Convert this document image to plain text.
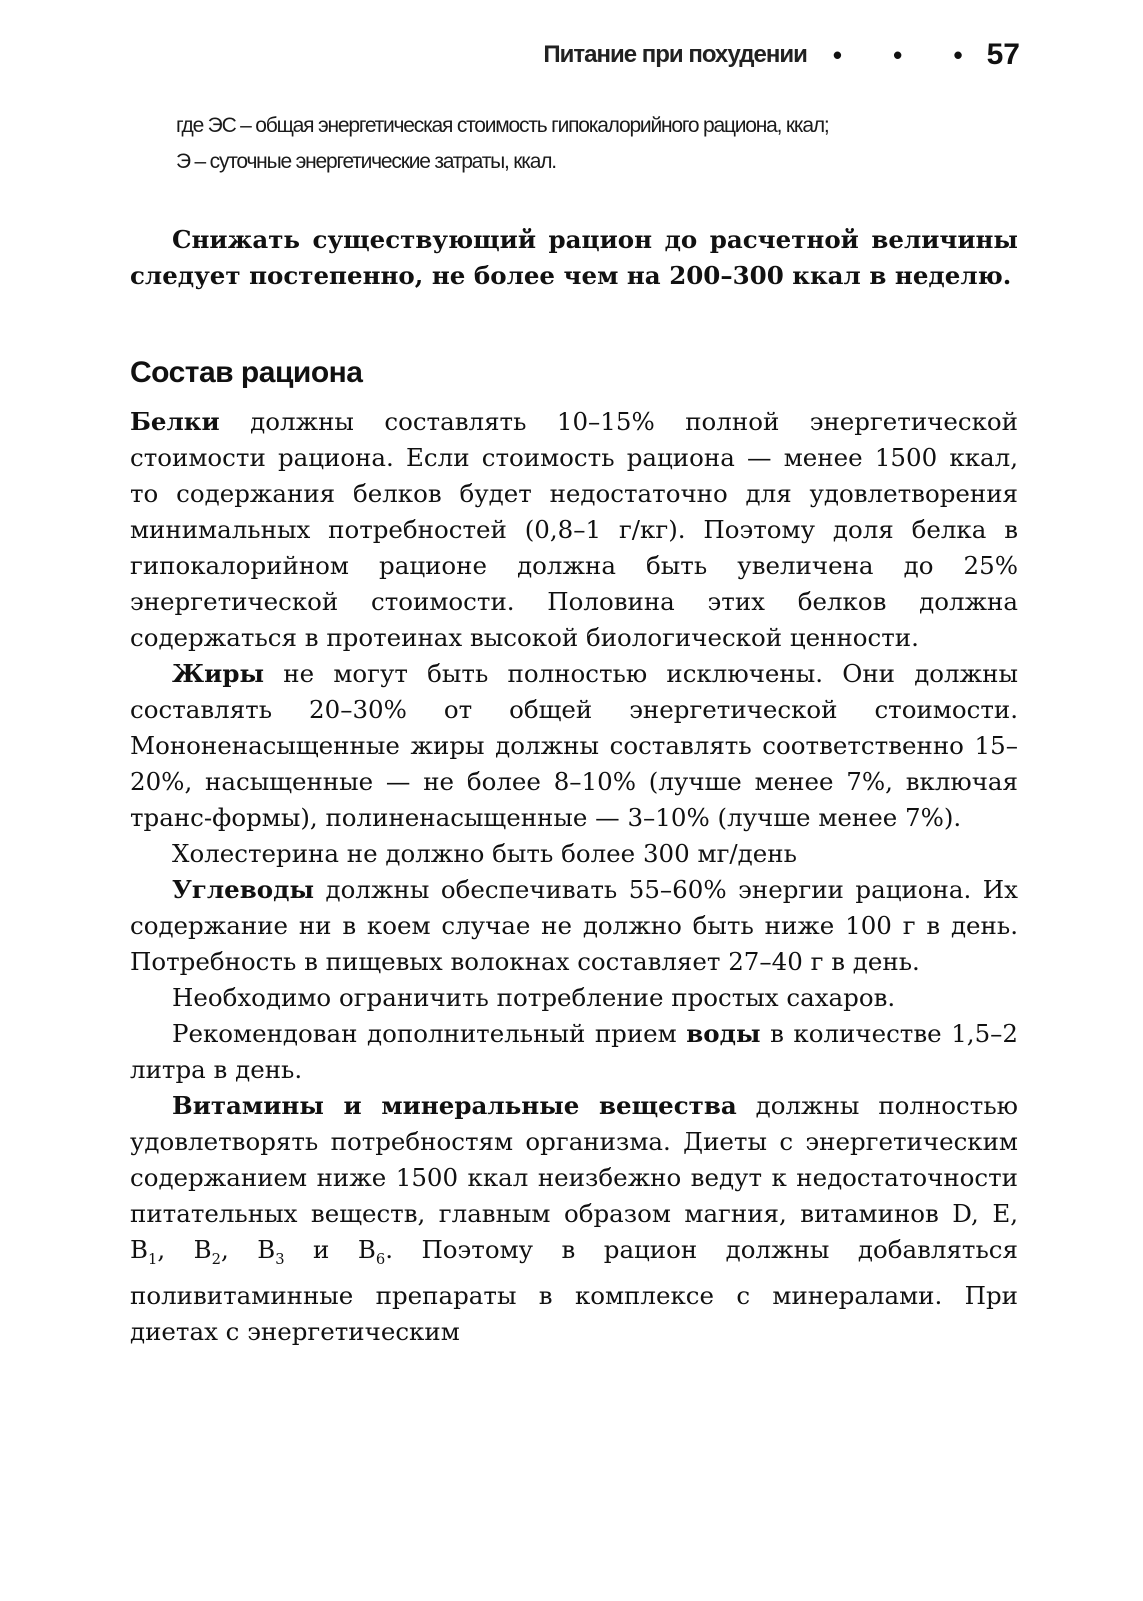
Питание при похудении • • • 57

где ЭС – общая энергетическая стоимость гипокалорийного рациона, ккал;

Э – суточные энергетические затраты, ккал.

Снижать существующий рацион до расчетной величины следует постепенно, не более чем на 200–300 ккал в неделю.

Состав рациона

Белки должны составлять 10–15% полной энергетической стоимости рациона. Если стоимость рациона — менее 1500 ккал, то содержания белков будет недостаточно для удовлетворения минимальных потребностей (0,8–1 г/кг). Поэтому доля белка в гипокалорийном рационе должна быть увеличена до 25% энергетической стоимости. Половина этих белков должна содержаться в протеинах высокой биологической ценности.

Жиры не могут быть полностью исключены. Они должны составлять 20–30% от общей энергетической стоимости. Мононенасыщенные жиры должны составлять соответственно 15–20%, насыщенные — не более 8–10% (лучше менее 7%, включая транс-формы), полиненасыщенные — 3–10% (лучше менее 7%).

Холестерина не должно быть более 300 мг/день

Углеводы должны обеспечивать 55–60% энергии рациона. Их содержание ни в коем случае не должно быть ниже 100 г в день. Потребность в пищевых волокнах составляет 27–40 г в день.

Необходимо ограничить потребление простых сахаров.

Рекомендован дополнительный прием воды в количестве 1,5–2 литра в день.

Витамины и минеральные вещества должны полностью удовлетворять потребностям организма. Диеты с энергетическим содержанием ниже 1500 ккал неизбежно ведут к недостаточности питательных веществ, главным образом магния, витаминов D, E, $B_1$, $B_2$, $B_3$ и $B_6$. Поэтому в рацион должны добавляться поливитаминные препараты в комплексе с минералами. При диетах с энергетическим
